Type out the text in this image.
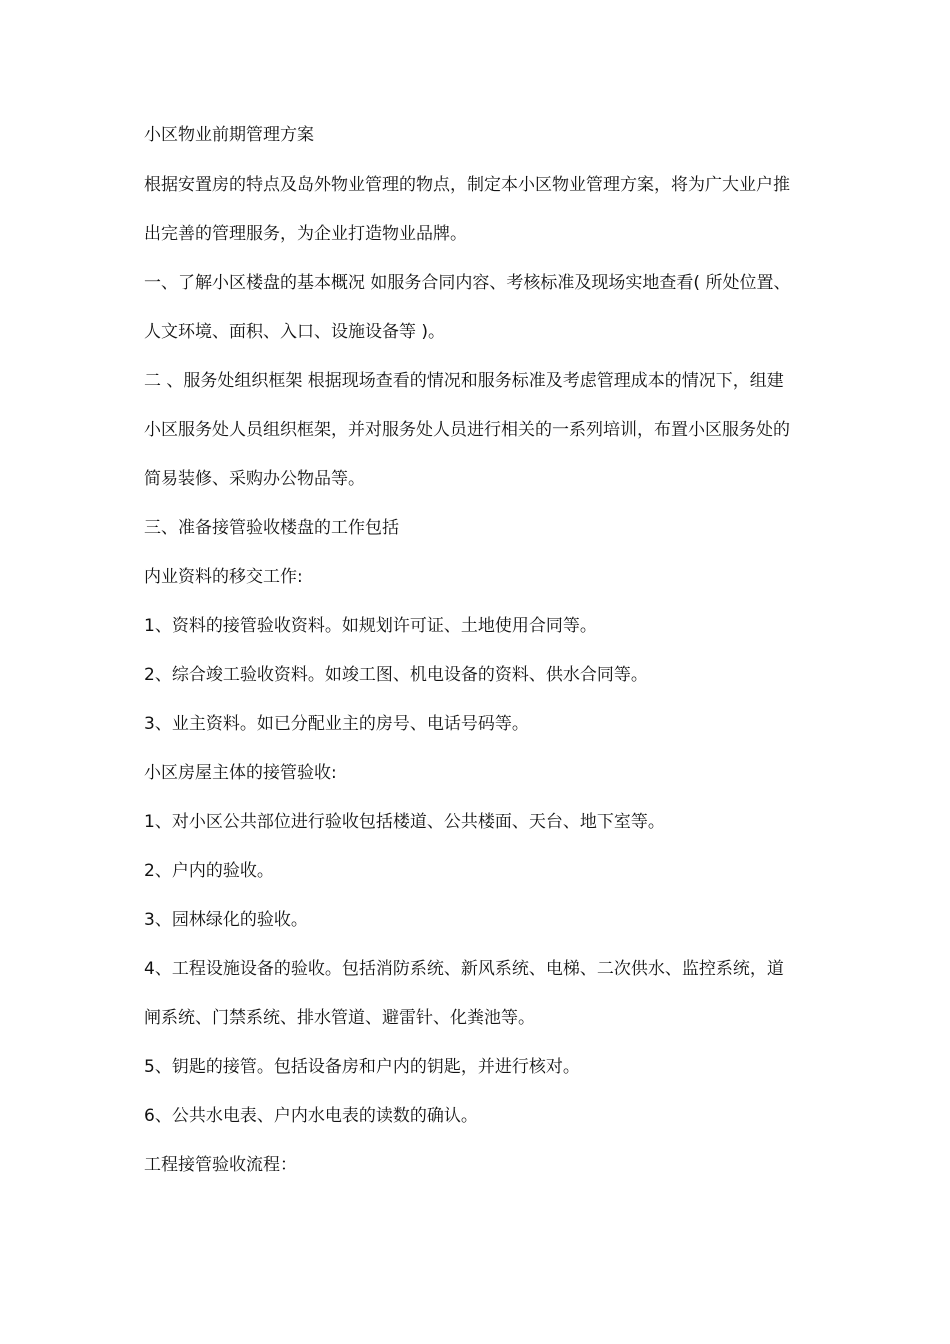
小区物业前期管理方案
根据安置房的特点及岛外物业管理的物点，制定本小区物业管理方案，将为广大业户推
出完善的管理服务，为企业打造物业品牌。
一、了解小区楼盘的基本概况 如服务合同内容、考核标准及现场实地查看( 所处位置、
人文环境、面积、入口、设施设备等 )。
二 、服务处组织框架 根据现场查看的情况和服务标准及考虑管理成本的情况下，组建
小区服务处人员组织框架，并对服务处人员进行相关的一系列培训，布置小区服务处的
简易装修、采购办公物品等。
三、准备接管验收楼盘的工作包括
内业资料的移交工作:
1、资料的接管验收资料。如规划许可证、土地使用合同等。
2、综合竣工验收资料。如竣工图、机电设备的资料、供水合同等。
3、业主资料。如已分配业主的房号、电话号码等。
小区房屋主体的接管验收:
1、对小区公共部位进行验收包括楼道、公共楼面、天台、地下室等。
2、户内的验收。
3、园林绿化的验收。
4、工程设施设备的验收。包括消防系统、新风系统、电梯、二次供水、监控系统，道
闸系统、门禁系统、排水管道、避雷针、化粪池等。
5、钥匙的接管。包括设备房和户内的钥匙，并进行核对。
6、公共水电表、户内水电表的读数的确认。
工程接管验收流程：
